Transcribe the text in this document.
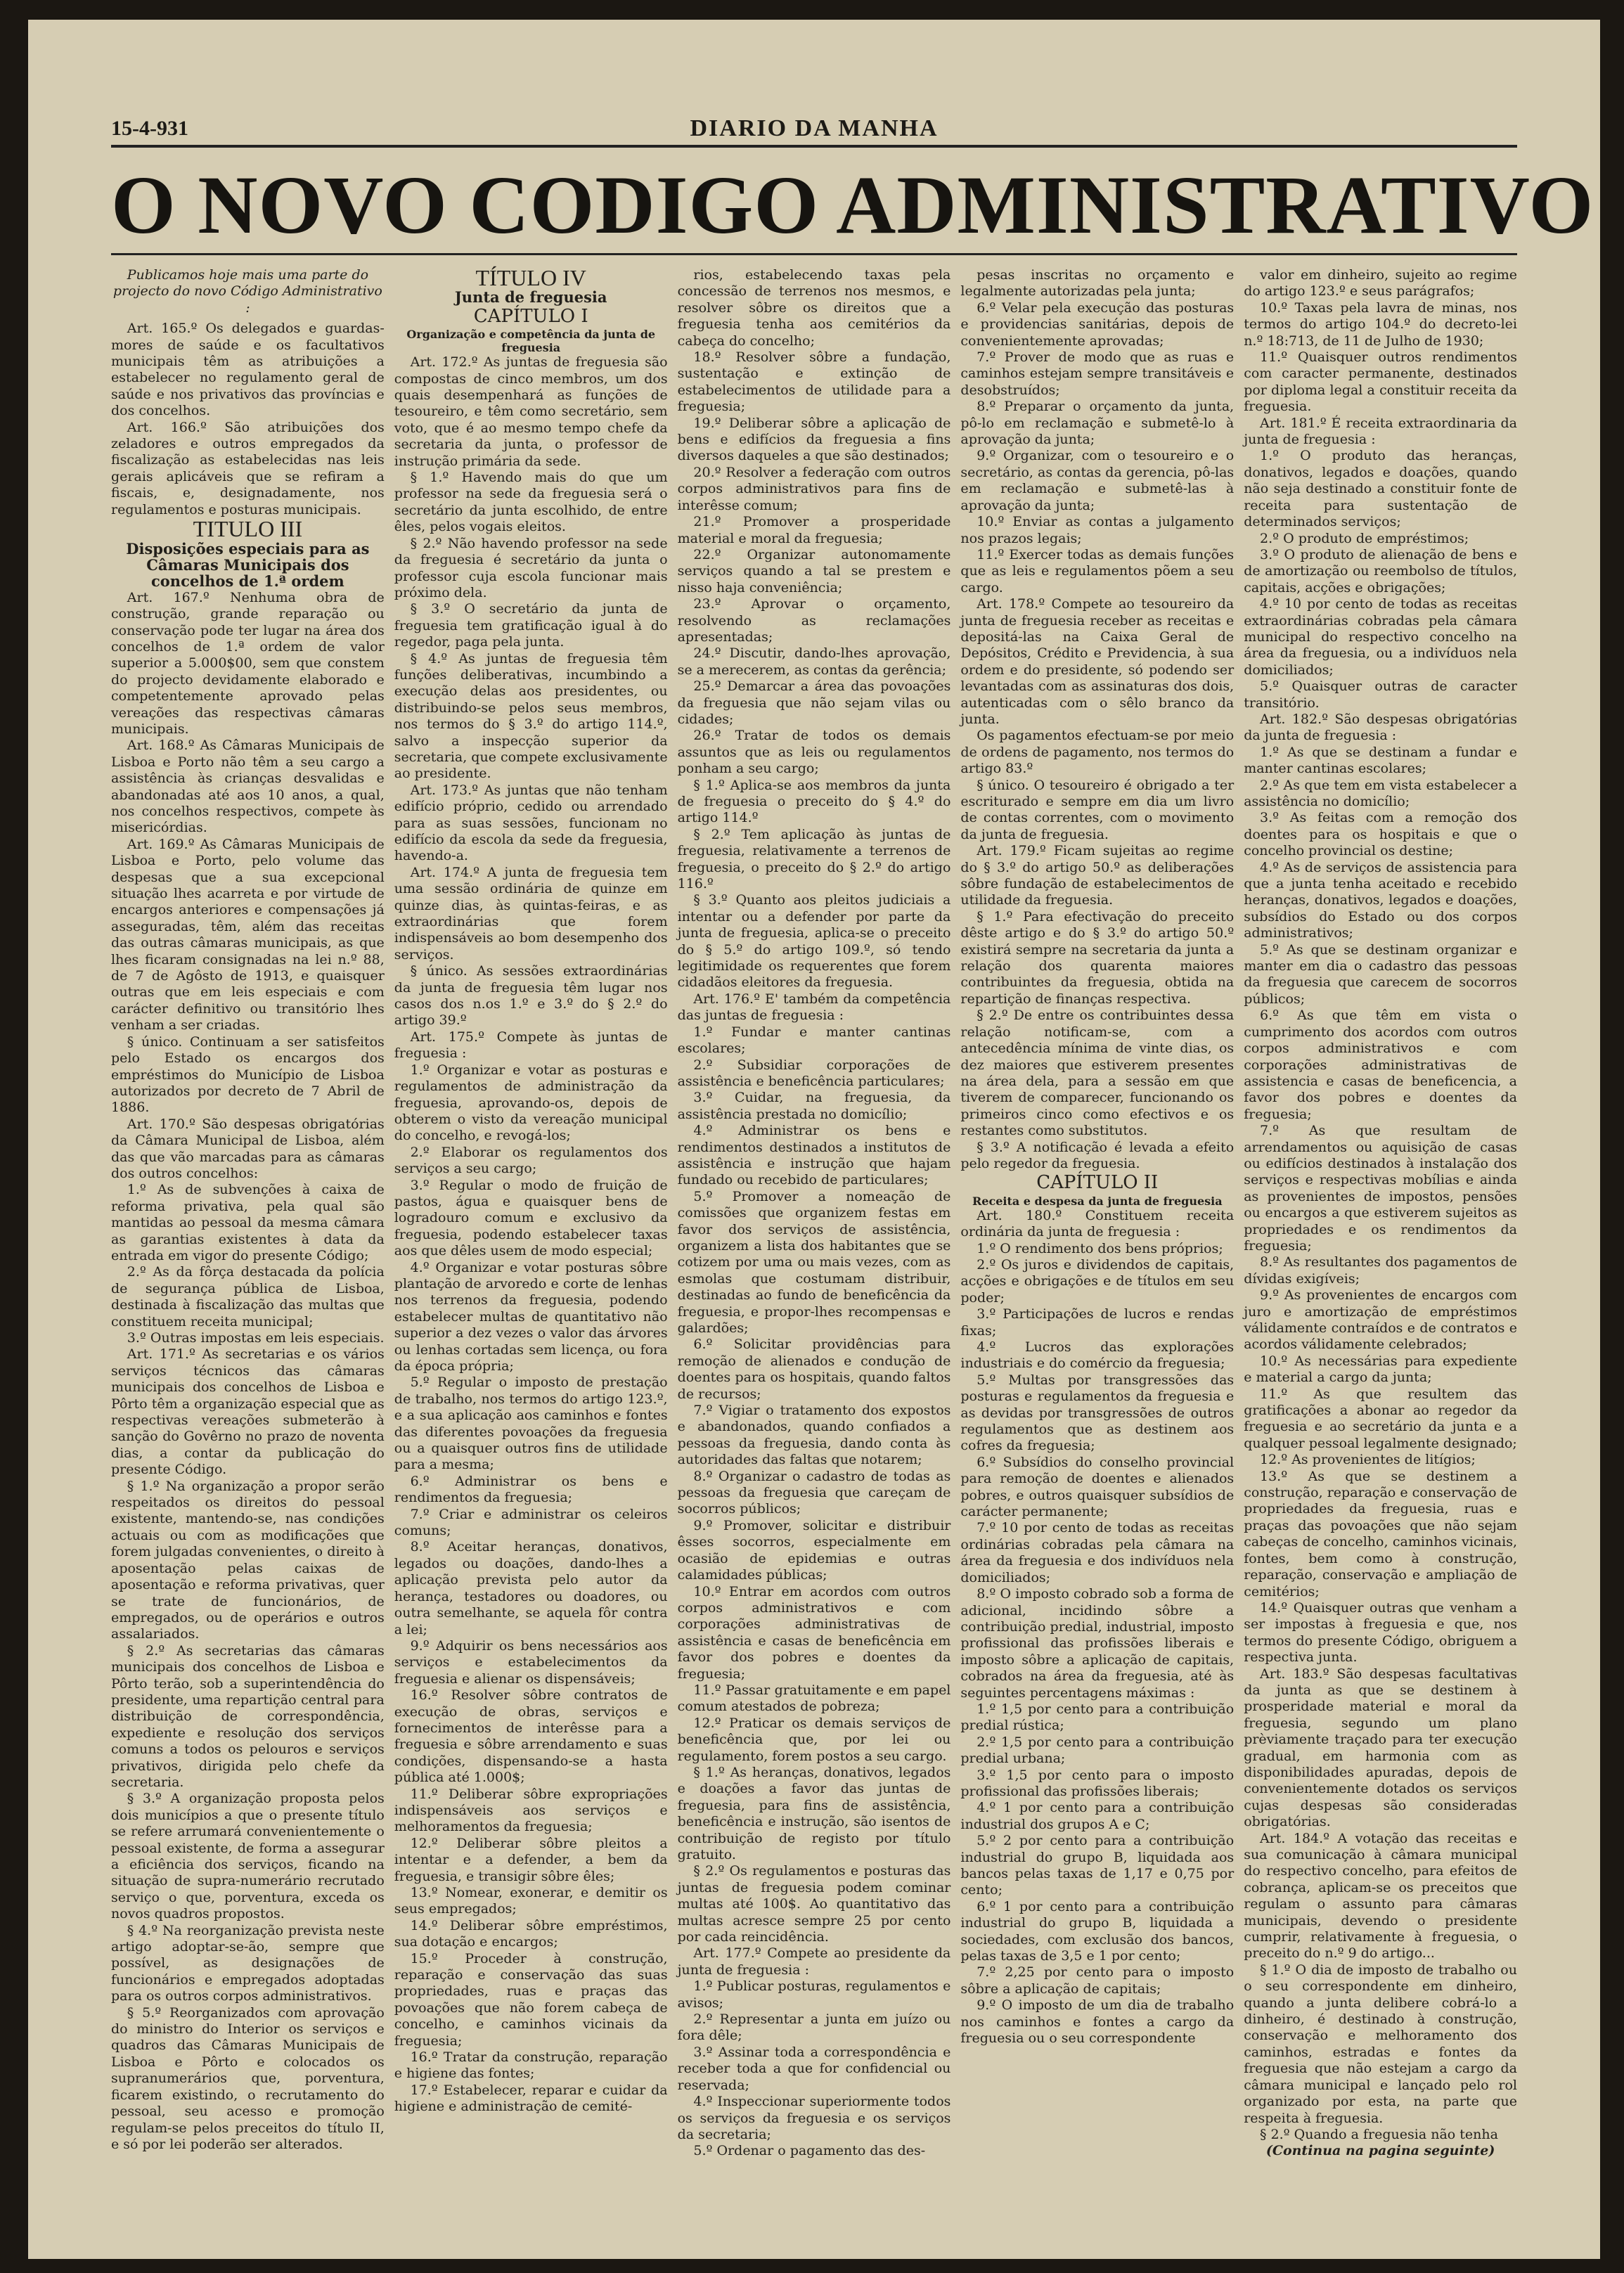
15-4-931	DIARIO DA MANHA
O NOVO CODIGO ADMINISTRATIVO

Publicamos hoje mais uma parte do projecto do novo Código Administrativo :

Art. 165.º Os delegados e guardas-mores de saúde e os facultativos municipais têm as atribuições a estabelecer no regulamento geral de saúde e nos privativos das províncias e dos concelhos.

Art. 166.º São atribuições dos zeladores e outros empregados da fiscalização as estabelecidas nas leis gerais aplicáveis que se refiram a fiscais, e, designadamente, nos regulamentos e posturas municipais.

TITULO III

Disposições especiais para as Câmaras Municipais dos concelhos de 1.ª ordem

Art. 167.º Nenhuma obra de construção, grande reparação ou conservação pode ter lugar na área dos concelhos de 1.ª ordem de valor superior a 5.000$00, sem que constem do projecto devidamente elaborado e competentemente aprovado pelas vereações das respectivas câmaras municipais.

Art. 168.º As Câmaras Municipais de Lisboa e Porto não têm a seu cargo a assistência às crianças desvalidas e abandonadas até aos 10 anos, a qual, nos concelhos respectivos, compete às misericórdias.

Art. 169.º As Câmaras Municipais de Lisboa e Porto, pelo volume das despesas que a sua excepcional situação lhes acarreta e por virtude de encargos anteriores e compensações já asseguradas, têm, além das receitas das outras câmaras municipais, as que lhes ficaram consignadas na lei n.º 88, de 7 de Agôsto de 1913, e quaisquer outras que em leis especiais e com carácter definitivo ou transitório lhes venham a ser criadas.

§ único. Continuam a ser satisfeitos pelo Estado os encargos dos empréstimos do Município de Lisboa autorizados por decreto de 7 Abril de 1886.

Art. 170.º São despesas obrigatórias da Câmara Municipal de Lisboa, além das que vão marcadas para as câmaras dos outros concelhos:

1.º As de subvenções à caixa de reforma privativa, pela qual são mantidas ao pessoal da mesma câmara as garantias existentes à data da entrada em vigor do presente Código;

2.º As da fôrça destacada da polícia de segurança pública de Lisboa, destinada à fiscalização das multas que constituem receita municipal;

3.º Outras impostas em leis especiais.

Art. 171.º As secretarias e os vários serviços técnicos das câmaras municipais dos concelhos de Lisboa e Pôrto têm a organização especial que as respectivas vereações submeterão à sanção do Govêrno no prazo de noventa dias, a contar da publicação do presente Código.

§ 1.º Na organização a propor serão respeitados os direitos do pessoal existente, mantendo-se, nas condições actuais ou com as modificações que forem julgadas convenientes, o direito à aposentação pelas caixas de aposentação e reforma privativas, quer se trate de funcionários, de empregados, ou de operários e outros assalariados.

§ 2.º As secretarias das câmaras municipais dos concelhos de Lisboa e Pôrto terão, sob a superintendência do presidente, uma repartição central para distribuição de correspondência, expediente e resolução dos serviços comuns a todos os pelouros e serviços privativos, dirigida pelo chefe da secretaria.

§ 3.º A organização proposta pelos dois municípios a que o presente título se refere arrumará convenientemente o pessoal existente, de forma a assegurar a eficiência dos serviços, ficando na situação de supra-numerário recrutado serviço o que, porventura, exceda os novos quadros propostos.

§ 4.º Na reorganização prevista neste artigo adoptar-se-ão, sempre que possível, as designações de funcionários e empregados adoptadas para os outros corpos administrativos.

§ 5.º Reorganizados com aprovação do ministro do Interior os serviços e quadros das Câmaras Municipais de Lisboa e Pôrto e colocados os supranumerários que, porventura, ficarem existindo, o recrutamento do pessoal, seu acesso e promoção regulam-se pelos preceitos do título II, e só por lei poderão ser alterados.

TÍTULO IV

Junta de freguesia

CAPÍTULO I

Organização e competência da junta de freguesia

Art. 172.º As juntas de freguesia são compostas de cinco membros, um dos quais desempenhará as funções de tesoureiro, e têm como secretário, sem voto, que é ao mesmo tempo chefe da secretaria da junta, o professor de instrução primária da sede.

§ 1.º Havendo mais do que um professor na sede da freguesia será o secretário da junta escolhido, de entre êles, pelos vogais eleitos.

§ 2.º Não havendo professor na sede da freguesia é secretário da junta o professor cuja escola funcionar mais próximo dela.

§ 3.º O secretário da junta de freguesia tem gratificação igual à do regedor, paga pela junta.

§ 4.º As juntas de freguesia têm funções deliberativas, incumbindo a execução delas aos presidentes, ou distribuindo-se pelos seus membros, nos termos do § 3.º do artigo 114.º, salvo a inspecção superior da secretaria, que compete exclusivamente ao presidente.

Art. 173.º As juntas que não tenham edifício próprio, cedido ou arrendado para as suas sessões, funcionam no edifício da escola da sede da freguesia, havendo-a.

Art. 174.º A junta de freguesia tem uma sessão ordinária de quinze em quinze dias, às quintas-feiras, e as extraordinárias que forem indispensáveis ao bom desempenho dos serviços.

§ único. As sessões extraordinárias da junta de freguesia têm lugar nos casos dos n.os 1.º e 3.º do § 2.º do artigo 39.º

Art. 175.º Compete às juntas de freguesia :

1.º Organizar e votar as posturas e regulamentos de administração da freguesia, aprovando-os, depois de obterem o visto da vereação municipal do concelho, e revogá-los;

2.º Elaborar os regulamentos dos serviços a seu cargo;

3.º Regular o modo de fruição de pastos, água e quaisquer bens de logradouro comum e exclusivo da freguesia, podendo estabelecer taxas aos que dêles usem de modo especial;

4.º Organizar e votar posturas sôbre plantação de arvoredo e corte de lenhas nos terrenos da freguesia, podendo estabelecer multas de quantitativo não superior a dez vezes o valor das árvores ou lenhas cortadas sem licença, ou fora da época própria;

5.º Regular o imposto de prestação de trabalho, nos termos do artigo 123.º, e a sua aplicação aos caminhos e fontes das diferentes povoações da freguesia ou a quaisquer outros fins de utilidade para a mesma;

6.º Administrar os bens e rendimentos da freguesia;

7.º Criar e administrar os celeiros comuns;

8.º Aceitar heranças, donativos, legados ou doações, dando-lhes a aplicação prevista pelo autor da herança, testadores ou doadores, ou outra semelhante, se aquela fôr contra a lei;

9.º Adquirir os bens necessários aos serviços e estabelecimentos da freguesia e alienar os dispensáveis;

16.º Resolver sôbre contratos de execução de obras, serviços e fornecimentos de interêsse para a freguesia e sôbre arrendamento e suas condições, dispensando-se a hasta pública até 1.000$;

11.º Deliberar sôbre expropriações indispensáveis aos serviços e melhoramentos da freguesia;

12.º Deliberar sôbre pleitos a intentar e a defender, a bem da freguesia, e transigir sôbre êles;

13.º Nomear, exonerar, e demitir os seus empregados;

14.º Deliberar sôbre empréstimos, sua dotação e encargos;

15.º Proceder à construção, reparação e conservação das suas propriedades, ruas e praças das povoações que não forem cabeça de concelho, e caminhos vicinais da freguesia;

16.º Tratar da construção, reparação e higiene das fontes;

17.º Estabelecer, reparar e cuidar da higiene e administração de cemité-

rios, estabelecendo taxas pela concessão de terrenos nos mesmos, e resolver sôbre os direitos que a freguesia tenha aos cemitérios da cabeça do concelho;

18.º Resolver sôbre a fundação, sustentação e extinção de estabelecimentos de utilidade para a freguesia;

19.º Deliberar sôbre a aplicação de bens e edifícios da freguesia a fins diversos daqueles a que são destinados;

20.º Resolver a federação com outros corpos administrativos para fins de interêsse comum;

21.º Promover a prosperidade material e moral da freguesia;

22.º Organizar autonomamente serviços quando a tal se prestem e nisso haja conveniência;

23.º Aprovar o orçamento, resolvendo as reclamações apresentadas;

24.º Discutir, dando-lhes aprovação, se a merecerem, as contas da gerência;

25.º Demarcar a área das povoações da freguesia que não sejam vilas ou cidades;

26.º Tratar de todos os demais assuntos que as leis ou regulamentos ponham a seu cargo;

§ 1.º Aplica-se aos membros da junta de freguesia o preceito do § 4.º do artigo 114.º

§ 2.º Tem aplicação às juntas de freguesia, relativamente a terrenos de freguesia, o preceito do § 2.º do artigo 116.º

§ 3.º Quanto aos pleitos judiciais a intentar ou a defender por parte da junta de freguesia, aplica-se o preceito do § 5.º do artigo 109.º, só tendo legitimidade os requerentes que forem cidadãos eleitores da freguesia.

Art. 176.º E' também da competência das juntas de freguesia :

1.º Fundar e manter cantinas escolares;

2.º Subsidiar corporações de assistência e beneficência particulares;

3.º Cuidar, na freguesia, da assistência prestada no domicílio;

4.º Administrar os bens e rendimentos destinados a institutos de assistência e instrução que hajam fundado ou recebido de particulares;

5.º Promover a nomeação de comissões que organizem festas em favor dos serviços de assistência, organizem a lista dos habitantes que se cotizem por uma ou mais vezes, com as esmolas que costumam distribuir, destinadas ao fundo de beneficência da freguesia, e propor-lhes recompensas e galardões;

6.º Solicitar providências para remoção de alienados e condução de doentes para os hospitais, quando faltos de recursos;

7.º Vigiar o tratamento dos expostos e abandonados, quando confiados a pessoas da freguesia, dando conta às autoridades das faltas que notarem;

8.º Organizar o cadastro de todas as pessoas da freguesia que careçam de socorros públicos;

9.º Promover, solicitar e distribuir êsses socorros, especialmente em ocasião de epidemias e outras calamidades públicas;

10.º Entrar em acordos com outros corpos administrativos e com corporações administrativas de assistência e casas de beneficência em favor dos pobres e doentes da freguesia;

11.º Passar gratuitamente e em papel comum atestados de pobreza;

12.º Praticar os demais serviços de beneficência que, por lei ou regulamento, forem postos a seu cargo.

§ 1.º As heranças, donativos, legados e doações a favor das juntas de freguesia, para fins de assistência, beneficência e instrução, são isentos de contribuição de registo por título gratuito.

§ 2.º Os regulamentos e posturas das juntas de freguesia podem cominar multas até 100$. Ao quantitativo das multas acresce sempre 25 por cento por cada reincidência.

Art. 177.º Compete ao presidente da junta de freguesia :

1.º Publicar posturas, regulamentos e avisos;

2.º Representar a junta em juízo ou fora dêle;

3.º Assinar toda a correspondência e receber toda a que for confidencial ou reservada;

4.º Inspeccionar superiormente todos os serviços da freguesia e os serviços da secretaria;

5.º Ordenar o pagamento das des-

pesas inscritas no orçamento e legalmente autorizadas pela junta;

6.º Velar pela execução das posturas e providencias sanitárias, depois de convenientemente aprovadas;

7.º Prover de modo que as ruas e caminhos estejam sempre transitáveis e desobstruídos;

8.º Preparar o orçamento da junta, pô-lo em reclamação e submetê-lo à aprovação da junta;

9.º Organizar, com o tesoureiro e o secretário, as contas da gerencia, pô-las em reclamação e submetê-las à aprovação da junta;

10.º Enviar as contas a julgamento nos prazos legais;

11.º Exercer todas as demais funções que as leis e regulamentos põem a seu cargo.

Art. 178.º Compete ao tesoureiro da junta de freguesia receber as receitas e depositá-las na Caixa Geral de Depósitos, Crédito e Previdencia, à sua ordem e do presidente, só podendo ser levantadas com as assinaturas dos dois, autenticadas com o sêlo branco da junta.

Os pagamentos efectuam-se por meio de ordens de pagamento, nos termos do artigo 83.º

§ único. O tesoureiro é obrigado a ter escriturado e sempre em dia um livro de contas correntes, com o movimento da junta de freguesia.

Art. 179.º Ficam sujeitas ao regime do § 3.º do artigo 50.º as deliberações sôbre fundação de estabelecimentos de utilidade da freguesia.

§ 1.º Para efectivação do preceito dêste artigo e do § 3.º do artigo 50.º existirá sempre na secretaria da junta a relação dos quarenta maiores contribuintes da freguesia, obtida na repartição de finanças respectiva.

§ 2.º De entre os contribuintes dessa relação notificam-se, com a antecedência mínima de vinte dias, os dez maiores que estiverem presentes na área dela, para a sessão em que tiverem de comparecer, funcionando os primeiros cinco como efectivos e os restantes como substitutos.

§ 3.º A notificação é levada a efeito pelo regedor da freguesia.

CAPÍTULO II

Receita e despesa da junta de freguesia

Art. 180.º Constituem receita ordinária da junta de freguesia :

1.º O rendimento dos bens próprios;

2.º Os juros e dividendos de capitais, acções e obrigações e de títulos em seu poder;

3.º Participações de lucros e rendas fixas;

4.º Lucros das explorações industriais e do comércio da freguesia;

5.º Multas por transgressões das posturas e regulamentos da freguesia e as devidas por transgressões de outros regulamentos que as destinem aos cofres da freguesia;

6.º Subsídios do conselho provincial para remoção de doentes e alienados pobres, e outros quaisquer subsídios de carácter permanente;

7.º 10 por cento de todas as receitas ordinárias cobradas pela câmara na área da freguesia e dos indivíduos nela domiciliados;

8.º O imposto cobrado sob a forma de adicional, incidindo sôbre a contribuição predial, industrial, imposto profissional das profissões liberais e imposto sôbre a aplicação de capitais, cobrados na área da freguesia, até às seguintes percentagens máximas :

1.º 1,5 por cento para a contribuição predial rústica;

2.º 1,5 por cento para a contribuição predial urbana;

3.º 1,5 por cento para o imposto profissional das profissões liberais;

4.º 1 por cento para a contribuição industrial dos grupos A e C;

5.º 2 por cento para a contribuição industrial do grupo B, liquidada aos bancos pelas taxas de 1,17 e 0,75 por cento;

6.º 1 por cento para a contribuição industrial do grupo B, liquidada a sociedades, com exclusão dos bancos, pelas taxas de 3,5 e 1 por cento;

7.º 2,25 por cento para o imposto sôbre a aplicação de capitais;

9.º O imposto de um dia de trabalho nos caminhos e fontes a cargo da freguesia ou o seu correspondente

valor em dinheiro, sujeito ao regime do artigo 123.º e seus parágrafos;

10.º Taxas pela lavra de minas, nos termos do artigo 104.º do decreto-lei n.º 18:713, de 11 de Julho de 1930;

11.º Quaisquer outros rendimentos com caracter permanente, destinados por diploma legal a constituir receita da freguesia.

Art. 181.º É receita extraordinaria da junta de freguesia :

1.º O produto das heranças, donativos, legados e doações, quando não seja destinado a constituir fonte de receita para sustentação de determinados serviços;

2.º O produto de empréstimos;

3.º O produto de alienação de bens e de amortização ou reembolso de títulos, capitais, acções e obrigações;

4.º 10 por cento de todas as receitas extraordinárias cobradas pela câmara municipal do respectivo concelho na área da freguesia, ou a indivíduos nela domiciliados;

5.º Quaisquer outras de caracter transitório.

Art. 182.º São despesas obrigatórias da junta de freguesia :

1.º As que se destinam a fundar e manter cantinas escolares;

2.º As que tem em vista estabelecer a assistência no domicílio;

3.º As feitas com a remoção dos doentes para os hospitais e que o concelho provincial os destine;

4.º As de serviços de assistencia para que a junta tenha aceitado e recebido heranças, donativos, legados e doações, subsídios do Estado ou dos corpos administrativos;

5.º As que se destinam organizar e manter em dia o cadastro das pessoas da freguesia que carecem de socorros públicos;

6.º As que têm em vista o cumprimento dos acordos com outros corpos administrativos e com corporações administrativas de assistencia e casas de beneficencia, a favor dos pobres e doentes da freguesia;

7.º As que resultam de arrendamentos ou aquisição de casas ou edifícios destinados à instalação dos serviços e respectivas mobílias e ainda as provenientes de impostos, pensões ou encargos a que estiverem sujeitos as propriedades e os rendimentos da freguesia;

8.º As resultantes dos pagamentos de dívidas exigíveis;

9.º As provenientes de encargos com juro e amortização de empréstimos válidamente contraídos e de contratos e acordos válidamente celebrados;

10.º As necessárias para expediente e material a cargo da junta;

11.º As que resultem das gratificações a abonar ao regedor da freguesia e ao secretário da junta e a qualquer pessoal legalmente designado;

12.º As provenientes de litígios;

13.º As que se destinem a construção, reparação e conservação de propriedades da freguesia, ruas e praças das povoações que não sejam cabeças de concelho, caminhos vicinais, fontes, bem como à construção, reparação, conservação e ampliação de cemitérios;

14.º Quaisquer outras que venham a ser impostas à freguesia e que, nos termos do presente Código, obriguem a respectiva junta.

Art. 183.º São despesas facultativas da junta as que se destinem à prosperidade material e moral da freguesia, segundo um plano prèviamente traçado para ter execução gradual, em harmonia com as disponibilidades apuradas, depois de convenientemente dotados os serviços cujas despesas são consideradas obrigatórias.

Art. 184.º A votação das receitas e sua comunicação à câmara municipal do respectivo concelho, para efeitos de cobrança, aplicam-se os preceitos que regulam o assunto para câmaras municipais, devendo o presidente cumprir, relativamente à freguesia, o preceito do n.º 9 do artigo...

§ 1.º O dia de imposto de trabalho ou o seu correspondente em dinheiro, quando a junta delibere cobrá-lo a dinheiro, é destinado à construção, conservação e melhoramento dos caminhos, estradas e fontes da freguesia que não estejam a cargo da câmara municipal e lançado pelo rol organizado por esta, na parte que respeita à freguesia.

§ 2.º Quando a freguesia não tenha

(Continua na pagina seguinte)
